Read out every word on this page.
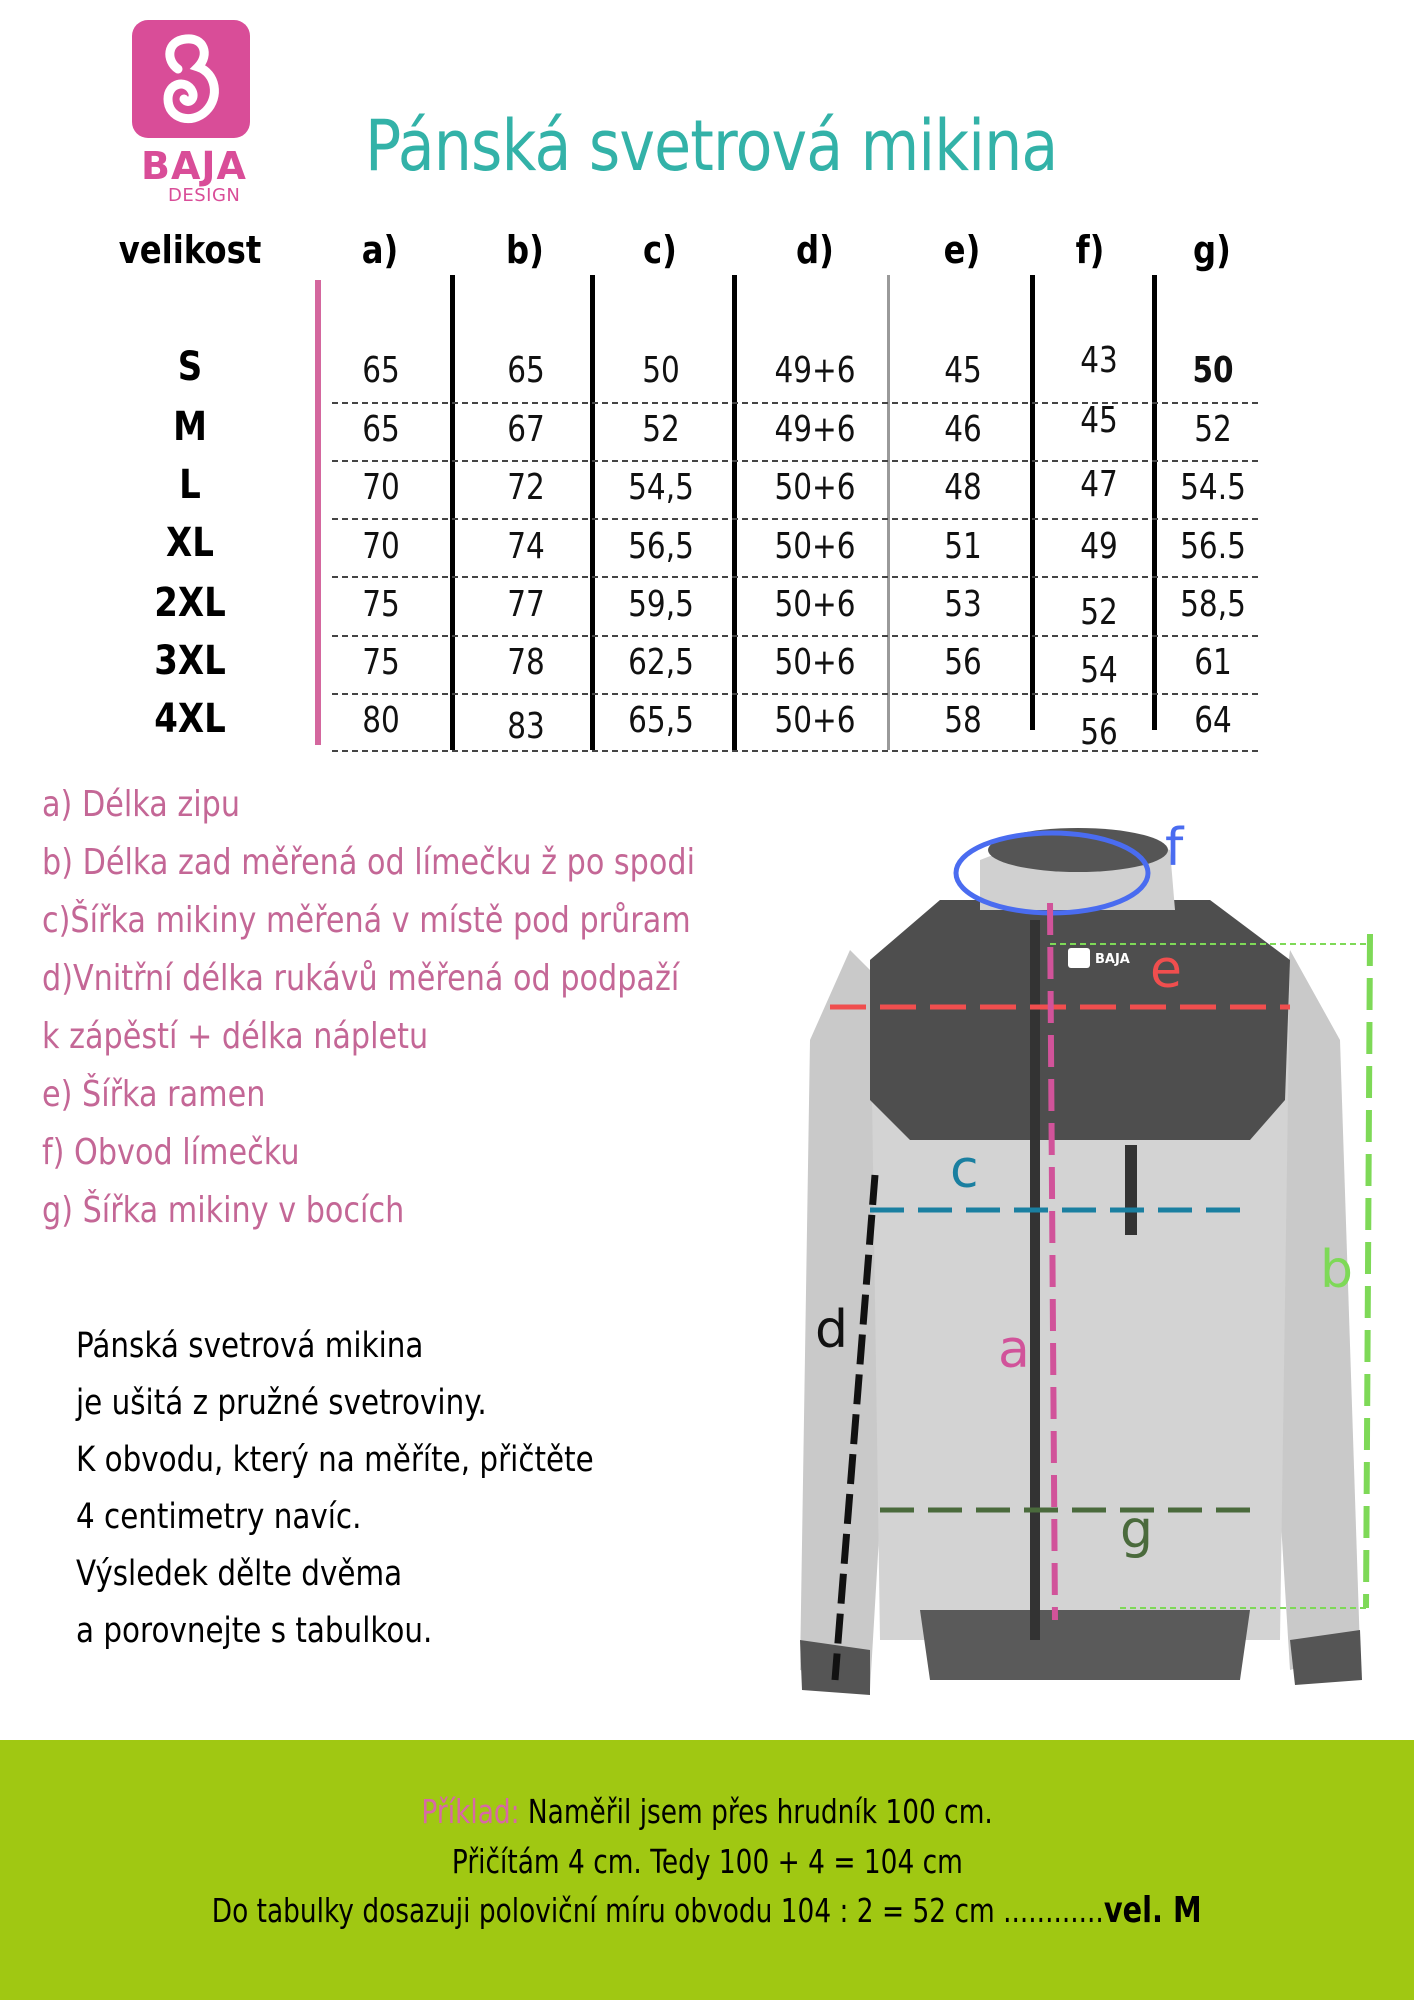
BAJA
DESIGN
Pánská svetrová mikina
velikost	a)	b)	c)	d)	e)	f)	g)
S	65	65	50	49+6	45	43	50
M	65	67	52	49+6	46	45	52
L	70	72	54,5	50+6	48	47	54.5
XL	70	74	56,5	50+6	51	49	56.5
2XL	75	77	59,5	50+6	53	52	58,5
3XL	75	78	62,5	50+6	56	54	61
4XL	80	83	65,5	50+6	58	56	64
a) Délka zipu
b) Délka zad měřená od límečku ž po spodi
c)Šířka mikiny měřená v místě pod průram
d)Vnitřní délka rukávů měřená od podpaží
k zápěstí + délka nápletu
e) Šířka ramen
f) Obvod límečku
g) Šířka mikiny v bocích
Pánská svetrová mikina
je ušitá z pružné svetroviny.
K obvodu, který na měříte, přičtěte
4 centimetry navíc.
Výsledek dělte dvěma
a porovnejte s tabulkou.
BAJA
f
e
c
b
d	a
g
Příklad: Naměřil jsem přes hrudník 100 cm.
Přičítám 4 cm. Tedy 100 + 4 = 104 cm
Do tabulky dosazuji poloviční míru obvodu 104 : 2 = 52 cm ............vel. M
